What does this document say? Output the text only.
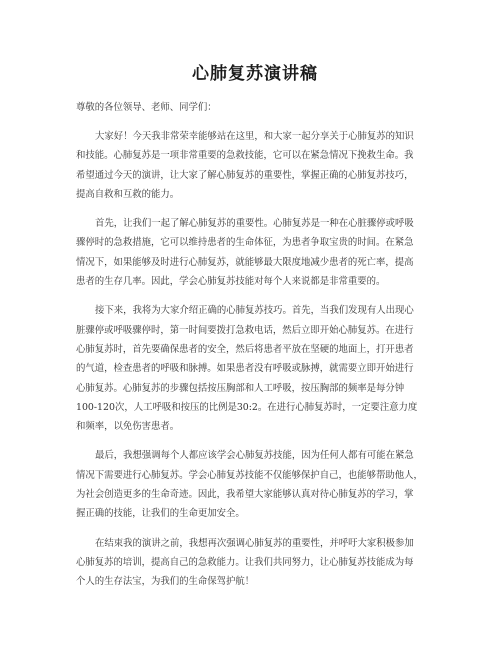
心肺复苏演讲稿
尊敬的各位领导、老师、同学们：
大家好！今天我非常荣幸能够站在这里，和大家一起分享关于心肺复苏的知识
和技能。心肺复苏是一项非常重要的急救技能，它可以在紧急情况下挽救生命。我
希望通过今天的演讲，让大家了解心肺复苏的重要性，掌握正确的心肺复苏技巧，
提高自救和互救的能力。
首先，让我们一起了解心肺复苏的重要性。心肺复苏是一种在心脏骤停或呼吸
骤停时的急救措施，它可以维持患者的生命体征，为患者争取宝贵的时间。在紧急
情况下，如果能够及时进行心肺复苏，就能够最大限度地减少患者的死亡率，提高
患者的生存几率。因此，学会心肺复苏技能对每个人来说都是非常重要的。
接下来，我将为大家介绍正确的心肺复苏技巧。首先，当我们发现有人出现心
脏骤停或呼吸骤停时，第一时间要拨打急救电话，然后立即开始心肺复苏。在进行
心肺复苏时，首先要确保患者的安全，然后将患者平放在坚硬的地面上，打开患者
的气道，检查患者的呼吸和脉搏。如果患者没有呼吸或脉搏，就需要立即开始进行
心肺复苏。心肺复苏的步骤包括按压胸部和人工呼吸，按压胸部的频率是每分钟
100-120次，人工呼吸和按压的比例是30:2。在进行心肺复苏时，一定要注意力度
和频率，以免伤害患者。
最后，我想强调每个人都应该学会心肺复苏技能，因为任何人都有可能在紧急
情况下需要进行心肺复苏。学会心肺复苏技能不仅能够保护自己，也能够帮助他人，
为社会创造更多的生命奇迹。因此，我希望大家能够认真对待心肺复苏的学习，掌
握正确的技能，让我们的生命更加安全。
在结束我的演讲之前，我想再次强调心肺复苏的重要性，并呼吁大家积极参加
心肺复苏的培训，提高自己的急救能力。让我们共同努力，让心肺复苏技能成为每
个人的生存法宝，为我们的生命保驾护航！
